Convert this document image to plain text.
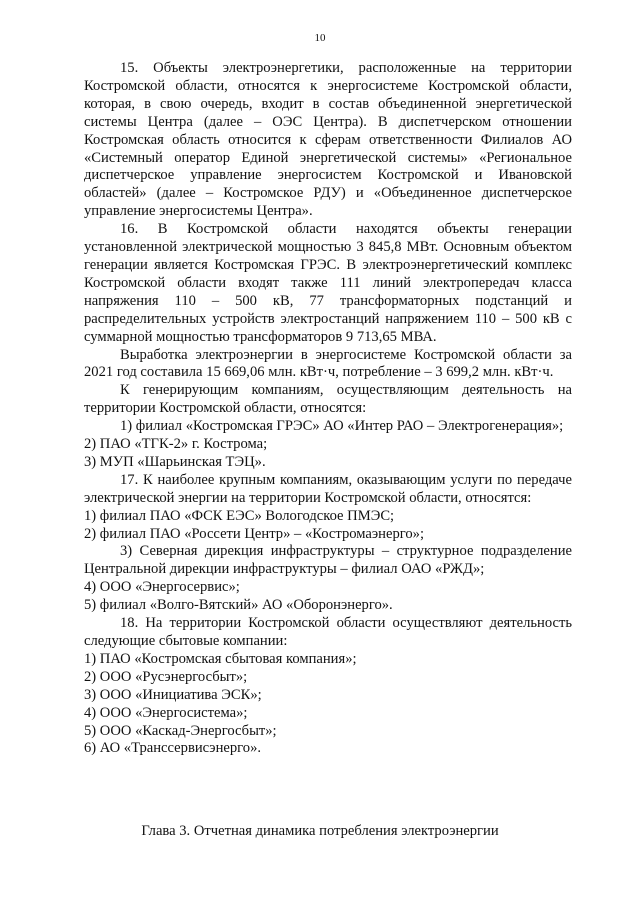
10

15. Объекты электроэнергетики, расположенные на территории Костромской области, относятся к энергосистеме Костромской области, которая, в свою очередь, входит в состав объединенной энергетической системы Центра (далее – ОЭС Центра). В диспетчерском отношении Костромская область относится к сферам ответственности Филиалов АО «Системный оператор Единой энергетической системы» «Региональное диспетчерское управление энергосистем Костромской и Ивановской областей» (далее – Костромское РДУ) и «Объединенное диспетчерское управление энергосистемы Центра».

16. В Костромской области находятся объекты генерации установленной электрической мощностью 3 845,8 МВт. Основным объектом генерации является Костромская ГРЭС. В электроэнергетический комплекс Костромской области входят также 111 линий электропередач класса напряжения 110 – 500 кВ, 77 трансформаторных подстанций и распределительных устройств электростанций напряжением 110 – 500 кВ с суммарной мощностью трансформаторов 9 713,65 МВА.

Выработка электроэнергии в энергосистеме Костромской области за 2021 год составила 15 669,06 млн. кВт·ч, потребление – 3 699,2 млн. кВт·ч.

К генерирующим компаниям, осуществляющим деятельность на территории Костромской области, относятся:

1) филиал «Костромская ГРЭС» АО «Интер РАО – Электрогенерация»;

2) ПАО «ТГК-2» г. Кострома;

3) МУП «Шарьинская ТЭЦ».

17. К наиболее крупным компаниям, оказывающим услуги по передаче электрической энергии на территории Костромской области, относятся:

1) филиал ПАО «ФСК ЕЭС» Вологодское ПМЭС;

2) филиал ПАО «Россети Центр» – «Костромаэнерго»;

3) Северная дирекция инфраструктуры – структурное подразделение Центральной дирекции инфраструктуры – филиал ОАО «РЖД»;

4) ООО «Энергосервис»;

5) филиал «Волго-Вятский» АО «Оборонэнерго».

18. На территории Костромской области осуществляют деятельность следующие сбытовые компании:

1) ПАО «Костромская сбытовая компания»;

2) ООО «Русэнергосбыт»;

3) ООО «Инициатива ЭСК»;

4) ООО «Энергосистема»;

5) ООО «Каскад-Энергосбыт»;

6) АО «Транссервисэнерго».

Глава 3. Отчетная динамика потребления электроэнергии
